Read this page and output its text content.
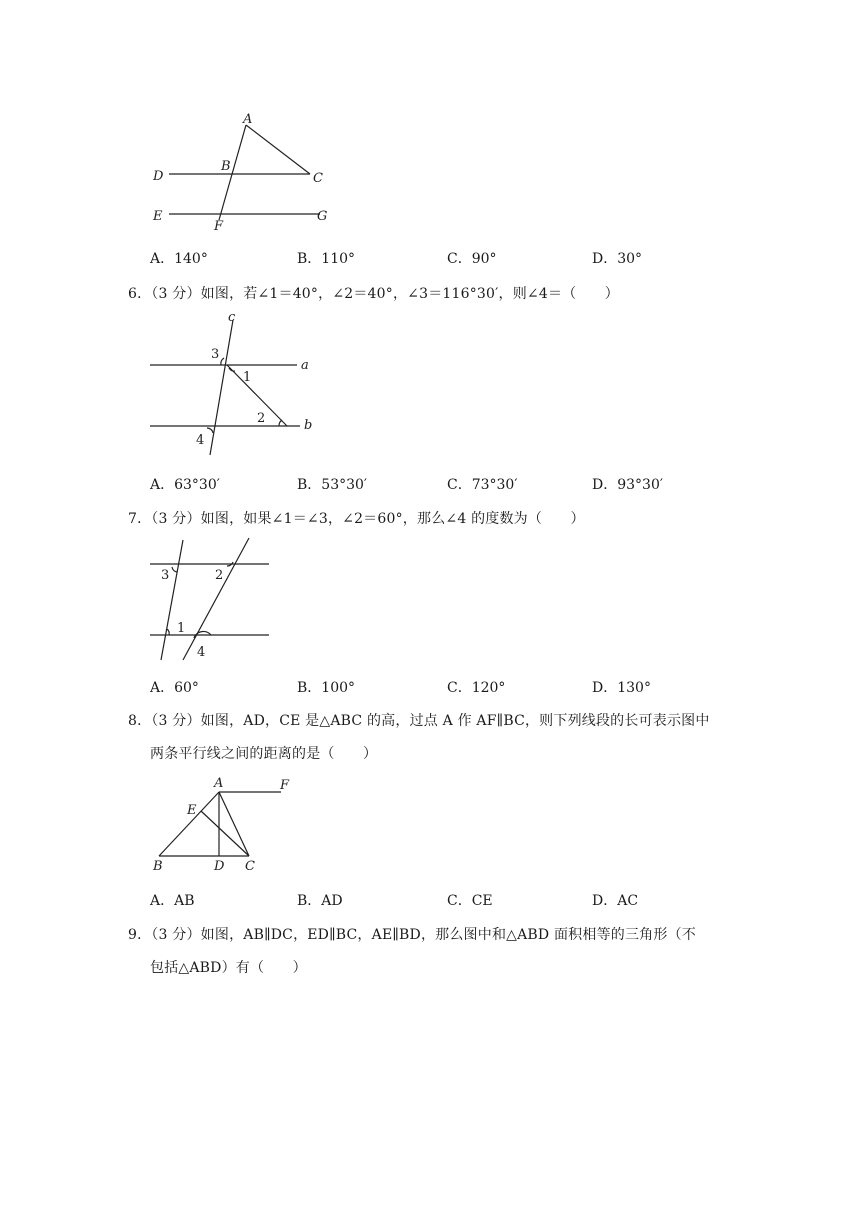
A
B
C
D
E
F
G
A．140°	B．110°	C．90°	D．30°
6．（3 分）如图，若∠1＝40°，∠2＝40°，∠3＝116°30′，则∠4＝（　　）
c
3
a
1
2	b
4
A．63°30′	B．53°30′	C．73°30′	D．93°30′
7．（3 分）如图，如果∠1＝∠3，∠2＝60°，那么∠4 的度数为（　　）
3	2
1
4
A．60°	B．100°	C．120°	D．130°
8．（3 分）如图，AD，CE 是△ABC 的高，过点 A 作 AF∥BC，则下列线段的长可表示图中
两条平行线之间的距离的是（　　）
A	F
E
B	D C
A．AB	B．AD	C．CE	D．AC
9．（3 分）如图，AB∥DC，ED∥BC，AE∥BD，那么图中和△ABD 面积相等的三角形（不
包括△ABD）有（　　）
